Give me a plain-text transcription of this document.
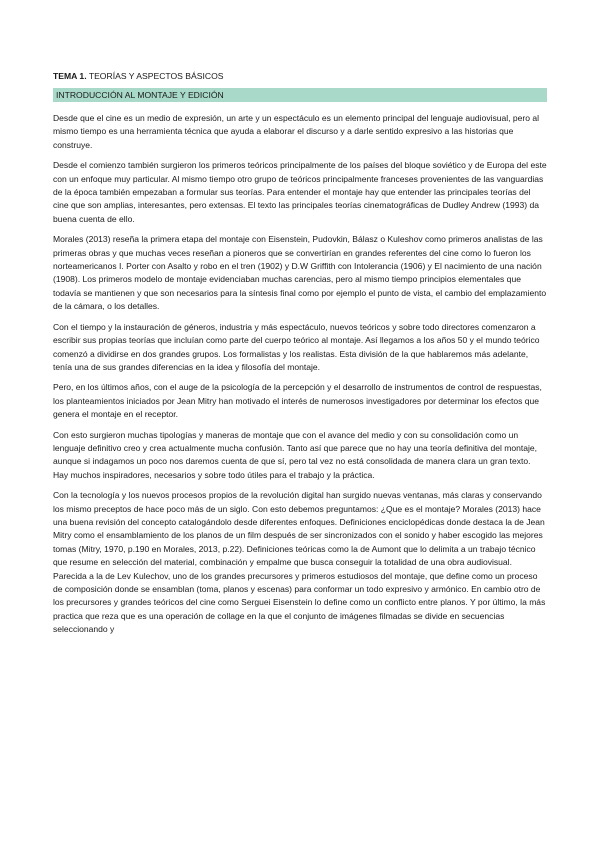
TEMA 1. TEORÍAS Y ASPECTOS BÁSICOS
INTRODUCCIÓN AL MONTAJE Y EDICIÓN

Desde que el cine es un medio de expresión, un arte y un espectáculo es un elemento principal del lenguaje audiovisual, pero al mismo tiempo es una herramienta técnica que ayuda a elaborar el discurso y a darle sentido expresivo a las historias que construye.

Desde el comienzo también surgieron los primeros teóricos principalmente de los países del bloque soviético y de Europa del este con un enfoque muy particular. Al mismo tiempo otro grupo de teóricos principalmente franceses provenientes de las vanguardias de la época también empezaban a formular sus teorías. Para entender el montaje hay que entender las principales teorías del cine que son amplias, interesantes, pero extensas. El texto las principales teorías cinematográficas de Dudley Andrew (1993) da buena cuenta de ello.

Morales (2013) reseña la primera etapa del montaje con Eisenstein, Pudovkin, Bálasz o Kuleshov como primeros analistas de las primeras obras y que muchas veces reseñan a pioneros que se convertirían en grandes referentes del cine como lo fueron los norteamericanos I. Porter con Asalto y robo en el tren (1902) y D.W Griffith con Intolerancia (1906) y El nacimiento de una nación (1908). Los primeros modelo de montaje evidenciaban muchas carencias, pero al mismo tiempo principios elementales que todavía se mantienen y que son necesarios para la síntesis final como por ejemplo el punto de vista, el cambio del emplazamiento de la cámara, o los detalles.

Con el tiempo y la instauración de géneros, industria y más espectáculo, nuevos teóricos y sobre todo directores comenzaron a escribir sus propias teorías que incluían como parte del cuerpo teórico al montaje. Así llegamos a los años 50 y el mundo teórico comenzó a dividirse en dos grandes grupos. Los formalistas y los realistas. Esta división de la que hablaremos más adelante, tenía una de sus grandes diferencias en la idea y filosofía del montaje.

Pero, en los últimos años, con el auge de la psicología de la percepción y el desarrollo de instrumentos de control de respuestas, los planteamientos iniciados por Jean Mitry han motivado el interés de numerosos investigadores por determinar los efectos que genera el montaje en el receptor.

Con esto surgieron muchas tipologías y maneras de montaje que con el avance del medio y con su consolidación como un lenguaje definitivo creo y crea actualmente mucha confusión. Tanto así que parece que no hay una teoría definitiva del montaje, aunque si indagamos un poco nos daremos cuenta de que sí, pero tal vez no está consolidada de manera clara un gran texto. Hay muchos inspiradores, necesarios y sobre todo útiles para el trabajo y la práctica.

Con la tecnología y los nuevos procesos propios de la revolución digital han surgido nuevas ventanas, más claras y conservando los mismo preceptos de hace poco más de un siglo. Con esto debemos preguntamos: ¿Que es el montaje? Morales (2013) hace una buena revisión del concepto catalogándolo desde diferentes enfoques. Definiciones enciclopédicas donde destaca la de Jean Mitry como el ensamblamiento de los planos de un film después de ser sincronizados con el sonido y haber escogido las mejores tomas (Mitry, 1970, p.190 en Morales, 2013, p.22). Definiciones teóricas como la de Aumont que lo delimita a un trabajo técnico que resume en selección del material, combinación y empalme que busca conseguir la totalidad de una obra audiovisual. Parecida a la de Lev Kulechov, uno de los grandes precursores y primeros estudiosos del montaje, que define como un proceso de composición donde se ensamblan (toma, planos y escenas) para conformar un todo expresivo y armónico. En cambio otro de los precursores y grandes teóricos del cine como Serguei Eisenstein lo define como un conflicto entre planos. Y por último, la más practica que reza que es una operación de collage en la que el conjunto de imágenes filmadas se divide en secuencias seleccionando y
